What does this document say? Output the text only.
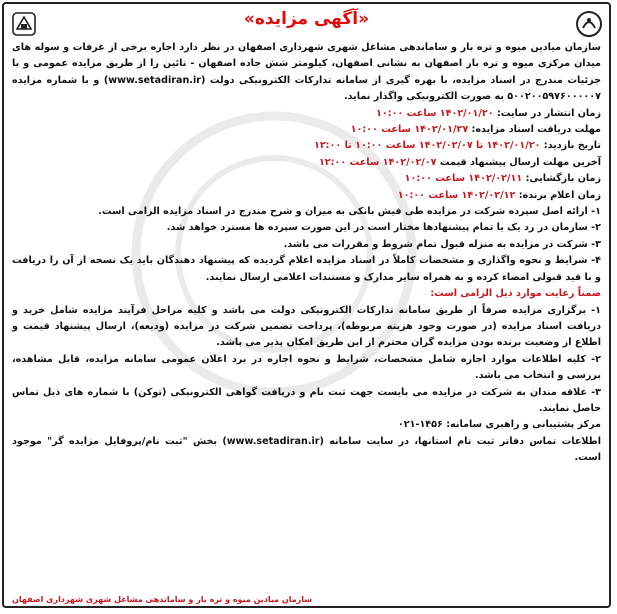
«آگهی مزایده»

سازمان میادین میوه و تره بار و ساماندهی مشاغل شهری شهرداری اصفهان در نظر دارد اجاره برخی از غرفات و سوله های میدان مرکزی میوه و تره بار اصفهان به نشانی اصفهان، کیلومتر شش جاده اصفهان - نائین را از طریق مزایده عمومی و با جزئیات مندرج در اسناد مزایده، با بهره گیری از سامانه تدارکات الکترونیکی دولت (www.setadiran.ir) و با شماره مزایده ۵۰۰۲۰۰۵۹۷۶۰۰۰۰۰۷ به صورت الکترونیکی واگذار نماید.

زمان انتشار در سایت: ۱۴۰۲/۰۱/۲۰ ساعت ۱۰:۰۰
مهلت دریافت اسناد مزایده: ۱۴۰۲/۰۱/۲۷ ساعت ۱۰:۰۰
تاریخ بازدید: ۱۴۰۲/۰۱/۲۰ تا ۱۴۰۲/۰۲/۰۷ ساعت ۱۰:۰۰ تا ۱۲:۰۰
آخرین مهلت ارسال پیشنهاد قیمت ۱۴۰۲/۰۲/۰۷ ساعت ۱۲:۰۰
زمان بازگشایی: ۱۴۰۲/۰۲/۱۱ ساعت ۱۰:۰۰
زمان اعلام برنده: ۱۴۰۲/۰۲/۱۲ ساعت ۱۰:۰۰

۱- ارائه اصل سپرده شرکت در مزایده طی فیش بانکی به میزان و شرح مندرج در اسناد مزایده الزامی است.

۲- سازمان در رد یک یا تمام پیشنهادها مختار است در این صورت سپرده ها مسترد خواهد شد.

۳- شرکت در مزایده به منزله قبول تمام شروط و مقررات می باشد.

۴- شرایط و نحوه واگذاری و مشخصات کاملاً در اسناد مزایده اعلام گردیده که پیشنهاد دهندگان باید یک نسخه از آن را دریافت و با قید قبولی امضاء کرده و به همراه سایر مدارک و مستندات اعلامی ارسال نمایند.

ضمناً رعایت موارد ذیل الزامی است:

۱- برگزاری مزایده صرفاً از طریق سامانه تدارکات الکترونیکی دولت می باشد و کلیه مراحل فرآیند مزایده شامل خرید و دریافت اسناد مزایده (در صورت وجود هزینه مربوطه)، پرداخت تضمین شرکت در مزایده (ودیعه)، ارسال پیشنهاد قیمت و اطلاع از وضعیت برنده بودن مزایده گران محترم از این طریق امکان پذیر می باشد.

۲- کلیه اطلاعات موارد اجاره شامل مشخصات، شرایط و نحوه اجاره در برد اعلان عمومی سامانه مزایده، قابل مشاهده، بررسی و انتخاب می باشد.

۳- علاقه مندان به شرکت در مزایده می بایست جهت ثبت نام و دریافت گواهی الکترونیکی (توکن) با شماره های ذیل تماس حاصل نمایند.

مرکز پشتیبانی و راهبری سامانه: ۱۴۵۶-۰۲۱

اطلاعات تماس دفاتر ثبت نام استانها، در سایت سامانه (www.setadiran.ir) بخش "ثبت نام/پروفایل مزایده گر" موجود است.

سازمان میادین میوه و تره بار و ساماندهی مشاغل شهری شهرداری اصفهان
